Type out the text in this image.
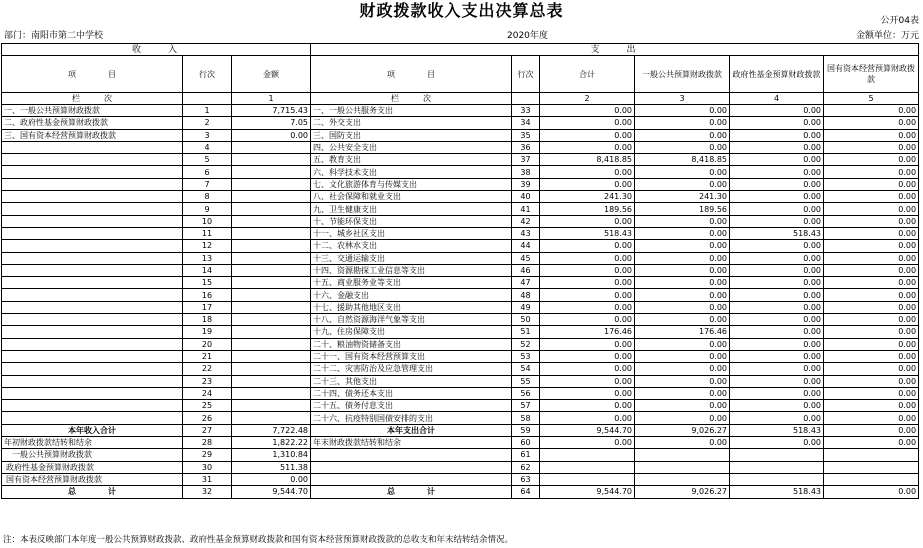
财政拨款收入支出决算总表
公开04表
部门：南阳市第二中学校	2020年度	金额单位：万元
收　　入			支　　出					
项　　　　目	行次	金额	项　　　　目	行次	合计	一般公共预算财政拨款	政府性基金预算财政拨款	国有资本经营预算财政拨款
栏　　　次		1	栏　　　次		2	3	4	5
一、一般公共预算财政拨款	1	7,715.43	一、一般公共服务支出	33	0.00	0.00	0.00	0.00
二、政府性基金预算财政拨款	2	7.05	二、外交支出	34	0.00	0.00	0.00	0.00
三、国有资本经营预算财政拨款	3	0.00	三、国防支出	35	0.00	0.00	0.00	0.00
	4		四、公共安全支出	36	0.00	0.00	0.00	0.00
	5		五、教育支出	37	8,418.85	8,418.85	0.00	0.00
	6		六、科学技术支出	38	0.00	0.00	0.00	0.00
	7		七、文化旅游体育与传媒支出	39	0.00	0.00	0.00	0.00
	8		八、社会保障和就业支出	40	241.30	241.30	0.00	0.00
	9		九、卫生健康支出	41	189.56	189.56	0.00	0.00
	10		十、节能环保支出	42	0.00	0.00	0.00	0.00
	11		十一、城乡社区支出	43	518.43	0.00	518.43	0.00
	12		十二、农林水支出	44	0.00	0.00	0.00	0.00
	13		十三、交通运输支出	45	0.00	0.00	0.00	0.00
	14		十四、资源勘探工业信息等支出	46	0.00	0.00	0.00	0.00
	15		十五、商业服务业等支出	47	0.00	0.00	0.00	0.00
	16		十六、金融支出	48	0.00	0.00	0.00	0.00
	17		十七、援助其他地区支出	49	0.00	0.00	0.00	0.00
	18		十八、自然资源海洋气象等支出	50	0.00	0.00	0.00	0.00
	19		十九、住房保障支出	51	176.46	176.46	0.00	0.00
	20		二十、粮油物资储备支出	52	0.00	0.00	0.00	0.00
	21		二十一、国有资本经营预算支出	53	0.00	0.00	0.00	0.00
	22		二十二、灾害防治及应急管理支出	54	0.00	0.00	0.00	0.00
	23		二十三、其他支出	55	0.00	0.00	0.00	0.00
	24		二十四、债务还本支出	56	0.00	0.00	0.00	0.00
	25		二十五、债务付息支出	57	0.00	0.00	0.00	0.00
	26		二十六、抗疫特别国债安排的支出	58	0.00	0.00	0.00	0.00
本年收入合计	27	7,722.48	本年支出合计	59	9,544.70	9,026.27	518.43	0.00
年初财政拨款结转和结余	28	1,822.22	年末财政拨款结转和结余	60	0.00	0.00	0.00	0.00
一般公共预算财政拨款	29	1,310.84		61				
政府性基金预算财政拨款	30	511.38		62				
国有资本经营预算财政拨款	31	0.00		63				
总　　　　计	32	9,544.70	总　　　　计	64	9,544.70	9,026.27	518.43	0.00
注：本表反映部门本年度一般公共预算财政拨款、政府性基金预算财政拨款和国有资本经营预算财政拨款的总收支和年末结转结余情况。
